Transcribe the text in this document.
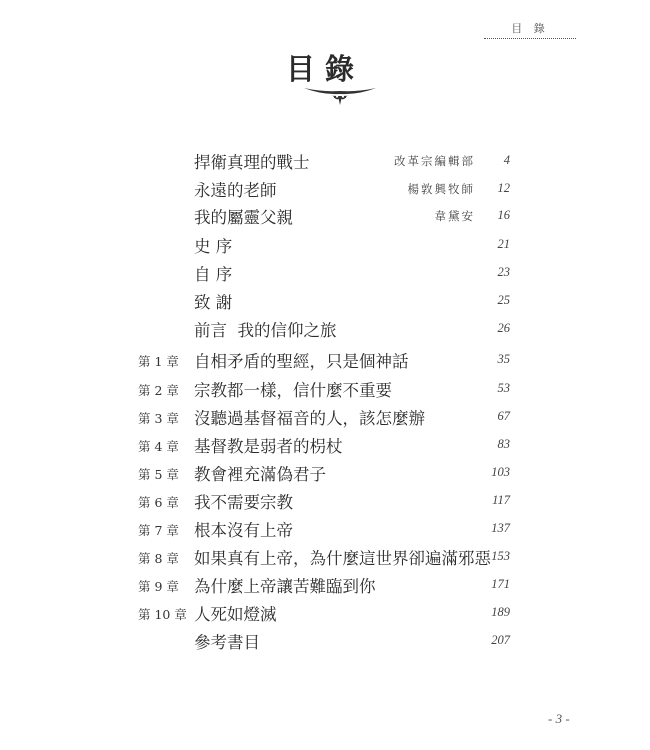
目 錄
目錄
捍衛真理的戰士	改革宗編輯部 4
永遠的老師	楊敦興牧師 12
我的屬靈父親	韋黛安 16
史 序	21
自 序	23
致 謝	25
前言  我的信仰之旅	26
第 1 章 自相矛盾的聖經，只是個神話	35
第 2 章 宗教都一樣，信什麼不重要	53
第 3 章 沒聽過基督福音的人，該怎麼辦	67
第 4 章 基督教是弱者的枴杖	83
第 5 章 教會裡充滿偽君子	103
第 6 章 我不需要宗教	117
第 7 章 根本沒有上帝	137
第 8 章 如果真有上帝，為什麼這世界卻遍滿邪惡 153
第 9 章 為什麼上帝讓苦難臨到你	171
第 10 章 人死如燈滅	189
參考書目	207
- 3 -
